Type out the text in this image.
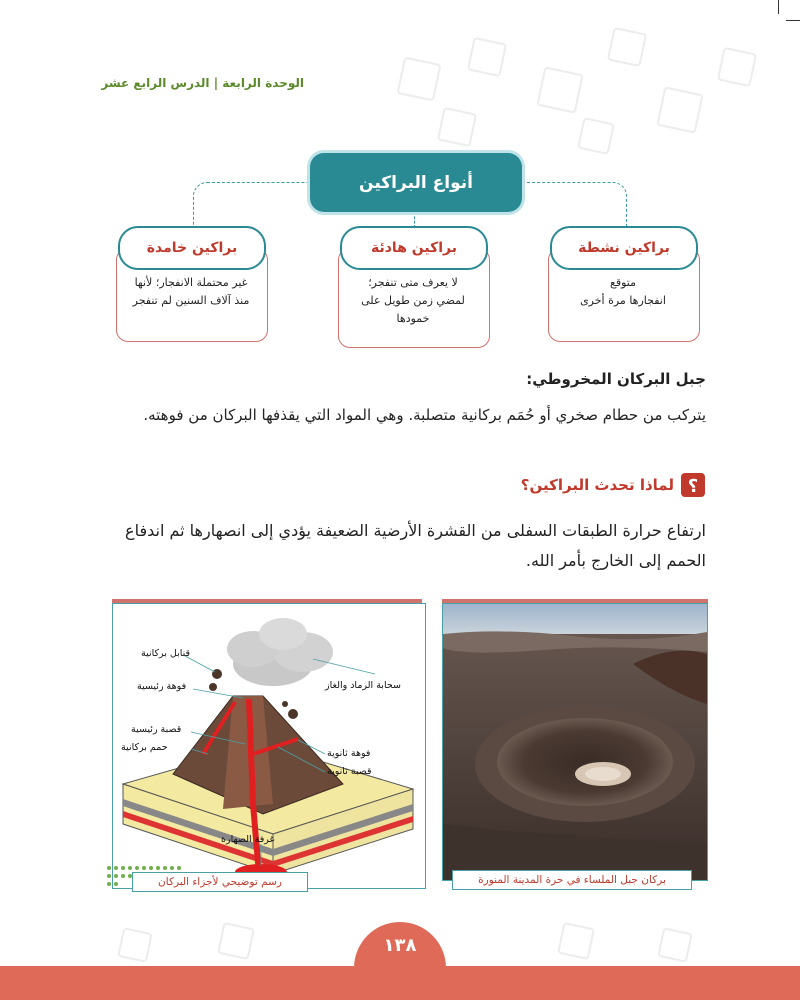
الوحدة الرابعة | الدرس الرابع عشر
أنواع البراكين
براكين نشطة
متوقع
انفجارها مرة أخرى
براكين هادئة
لا يعرف متى تنفجر؛
لمضي زمن طويل على
خمودها
براكين خامدة
غير محتملة الانفجار؛ لأنها
منذ آلاف السنين لم تنفجر
جبل البركان المخروطي:
يتركب من حطام صخري أو حُمَم بركانية متصلبة. وهي المواد التي يقذفها البركان من فوهته.
؟
لماذا تحدث البراكين؟
ارتفاع حرارة الطبقات السفلى من القشرة الأرضية الضعيفة يؤدي إلى انصهارها ثم اندفاع الحمم إلى الخارج بأمر الله.
قنابل بركانية
فوهة رئيسية	سحابة الرماد والغاز
قصبة رئيسية
حمم بركانية
فوهة ثانوية
قصبة ثانوية
غرفة الصهارة
رسم توضيحي لأجزاء البركان	بركان جبل الملساء في حرة المدينة المنورة
١٣٨
